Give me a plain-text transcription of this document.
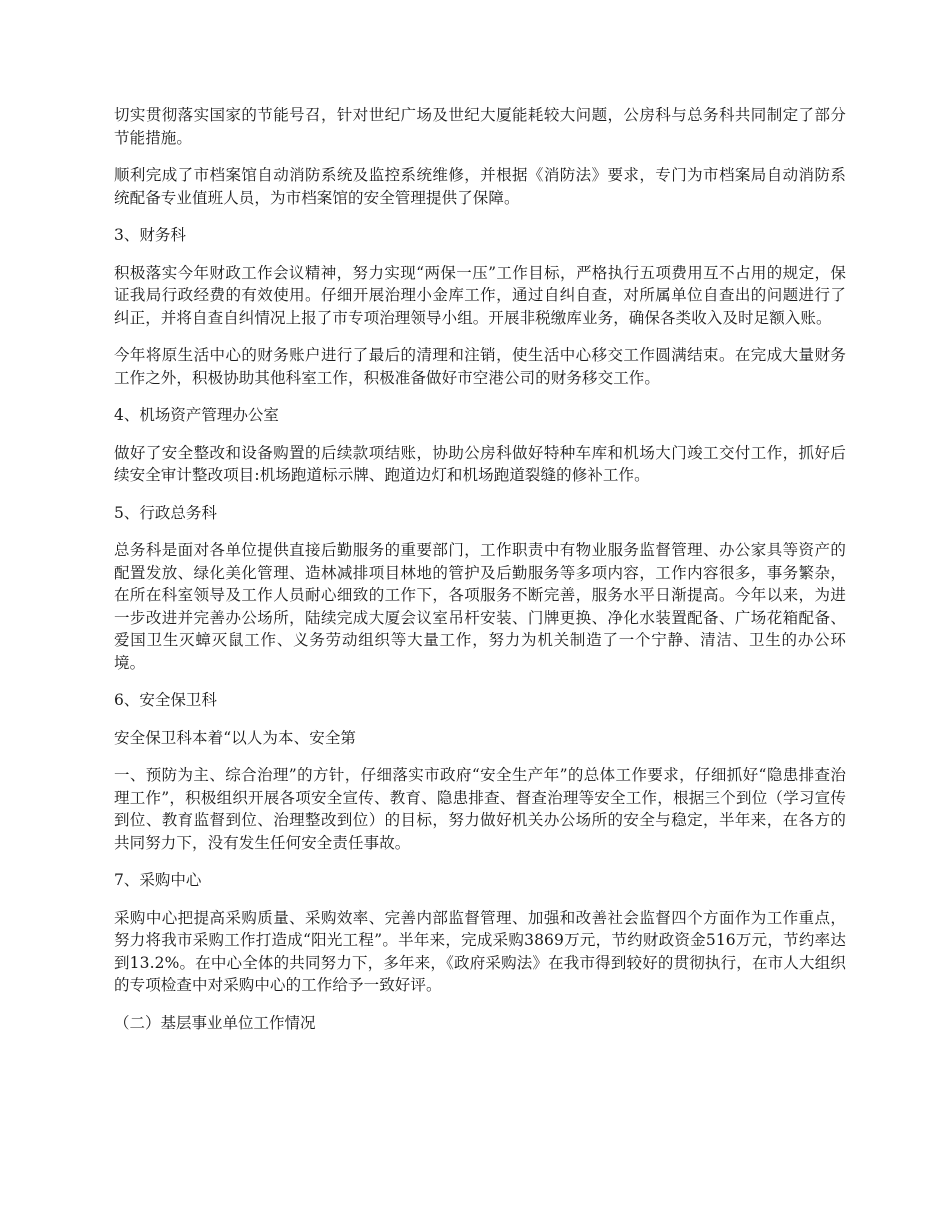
切实贯彻落实国家的节能号召，针对世纪广场及世纪大厦能耗较大问题，公房科与总务科共同制定了部分节能措施。

顺利完成了市档案馆自动消防系统及监控系统维修，并根据《消防法》要求，专门为市档案局自动消防系统配备专业值班人员，为市档案馆的安全管理提供了保障。

3、财务科

积极落实今年财政工作会议精神，努力实现“两保一压”工作目标，严格执行五项费用互不占用的规定，保证我局行政经费的有效使用。仔细开展治理小金库工作，通过自纠自查，对所属单位自查出的问题进行了纠正，并将自查自纠情况上报了市专项治理领导小组。开展非税缴库业务，确保各类收入及时足额入账。

今年将原生活中心的财务账户进行了最后的清理和注销，使生活中心移交工作圆满结束。在完成大量财务工作之外，积极协助其他科室工作，积极准备做好市空港公司的财务移交工作。

4、机场资产管理办公室

做好了安全整改和设备购置的后续款项结账，协助公房科做好特种车库和机场大门竣工交付工作，抓好后续安全审计整改项目:机场跑道标示牌、跑道边灯和机场跑道裂缝的修补工作。

5、行政总务科

总务科是面对各单位提供直接后勤服务的重要部门，工作职责中有物业服务监督管理、办公家具等资产的配置发放、绿化美化管理、造林减排项目林地的管护及后勤服务等多项内容，工作内容很多，事务繁杂，在所在科室领导及工作人员耐心细致的工作下，各项服务不断完善，服务水平日渐提高。今年以来，为进一步改进并完善办公场所，陆续完成大厦会议室吊杆安装、门牌更换、净化水装置配备、广场花箱配备、爱国卫生灭蟑灭鼠工作、义务劳动组织等大量工作，努力为机关制造了一个宁静、清洁、卫生的办公环境。

6、安全保卫科

安全保卫科本着“以人为本、安全第

一、预防为主、综合治理”的方针，仔细落实市政府“安全生产年”的总体工作要求，仔细抓好“隐患排查治理工作”，积极组织开展各项安全宣传、教育、隐患排查、督查治理等安全工作，根据三个到位（学习宣传到位、教育监督到位、治理整改到位）的目标，努力做好机关办公场所的安全与稳定，半年来，在各方的共同努力下，没有发生任何安全责任事故。

7、采购中心

采购中心把提高采购质量、采购效率、完善内部监督管理、加强和改善社会监督四个方面作为工作重点，努力将我市采购工作打造成“阳光工程”。半年来，完成采购3869万元，节约财政资金516万元，节约率达到13.2%。在中心全体的共同努力下，多年来，《政府采购法》在我市得到较好的贯彻执行，在市人大组织的专项检查中对采购中心的工作给予一致好评。

（二）基层事业单位工作情况
